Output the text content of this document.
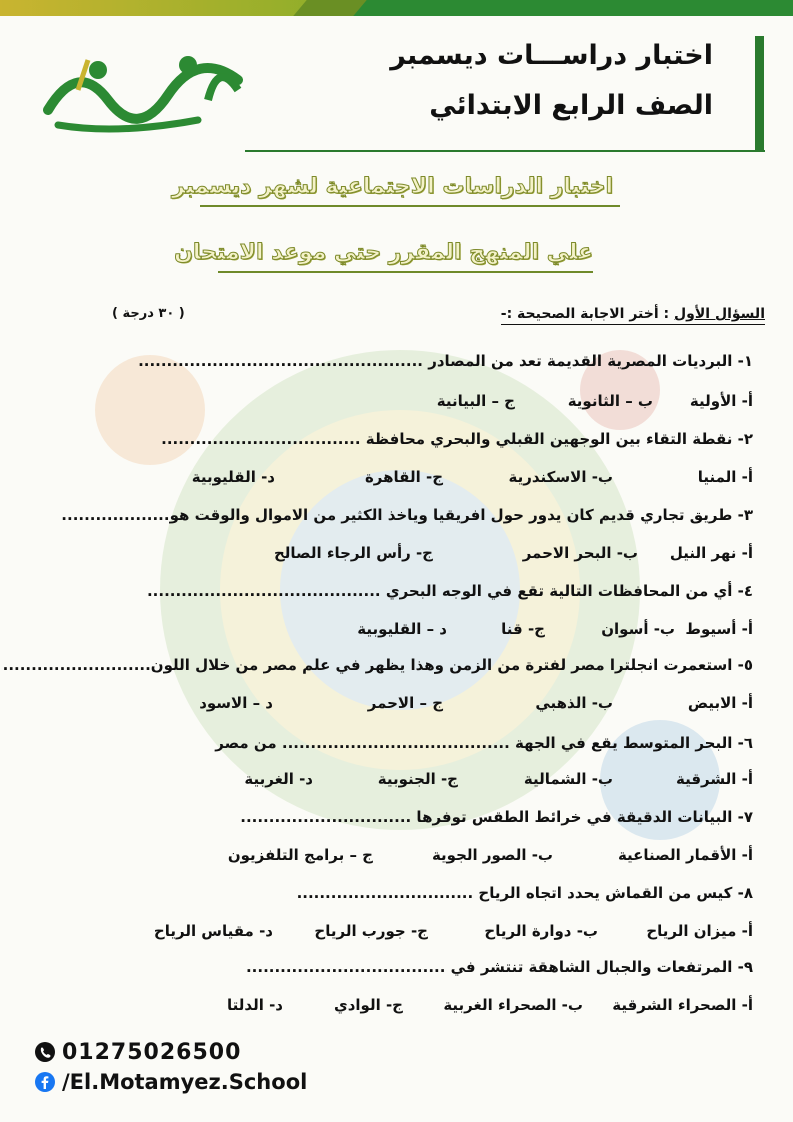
اختبار دراســـات ديسمبر
الصف الرابع الابتدائي
اختبار الدراسات الاجتماعية لشهر ديسمبر
علي المنهج المقرر حتي موعد الامتحان
السؤال الأول : أختر الاجابة الصحيحة :-
( ٣٠ درجة )
١- البرديات المصرية القديمة تعد من المصادر ..................................................
أ- الأولية
ب – الثانوية
ج – البيانية
٢- نقطة التقاء بين الوجهين القبلي والبحري محافظة ...................................
أ- المنيا
ب- الاسكندرية
ج- القاهرة
د- القليوبية
٣- طريق تجاري قديم كان يدور حول افريقيا وياخذ الكثير من الاموال والوقت هو...................
أ- نهر النيل
ب- البحر الاحمر
ج- رأس الرجاء الصالح
٤- أي من المحافظات التالية تقع في الوجه البحري .........................................
أ- أسيوط
ب- أسوان
ج- قنا
د – القليوبية
٥- استعمرت انجلترا مصر لفترة من الزمن وهذا يظهر في علم مصر من خلال اللون..........................
أ- الابيض
ب- الذهبي
ج – الاحمر
د – الاسود
٦- البحر المتوسط يقع في الجهة ........................................ من مصر
أ- الشرقية
ب- الشمالية
ج- الجنوبية
د- الغربية
٧- البيانات الدقيقة في خرائط الطقس توفرها ..............................
أ- الأقمار الصناعية
ب- الصور الجوية
ج – برامج التلفزيون
٨- كيس من القماش يحدد اتجاه الرياح ...............................
أ- ميزان الرياح
ب- دوارة الرياح
ج- جورب الرياح
د- مقياس الرياح
٩- المرتفعات والجبال الشاهقة تنتشر في ...................................
أ- الصحراء الشرقية
ب- الصحراء الغربية
ج- الوادي
د- الدلتا
01275026500
/El.Motamyez.School
